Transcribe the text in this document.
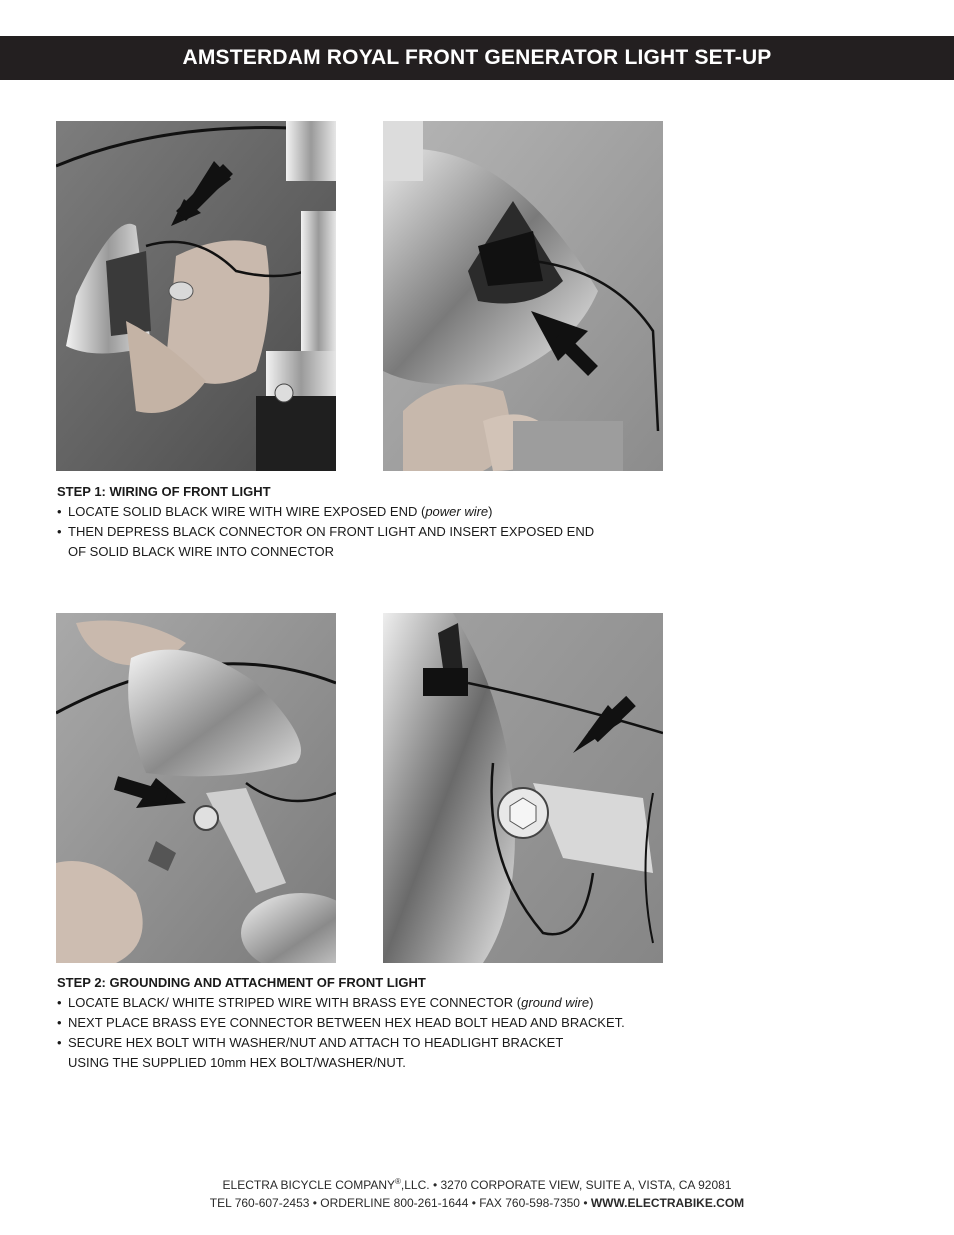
AMSTERDAM ROYAL FRONT GENERATOR LIGHT SET-UP
STEP 1: WIRING OF FRONT LIGHT
• LOCATE SOLID BLACK WIRE WITH WIRE EXPOSED END (power wire)
• THEN DEPRESS BLACK CONNECTOR ON FRONT LIGHT AND INSERT EXPOSED END
OF SOLID BLACK WIRE INTO CONNECTOR
STEP 2: GROUNDING AND ATTACHMENT OF FRONT LIGHT
• LOCATE BLACK/ WHITE STRIPED WIRE WITH BRASS EYE CONNECTOR (ground wire)
• NEXT PLACE BRASS EYE CONNECTOR BETWEEN HEX HEAD BOLT HEAD AND BRACKET.
• SECURE HEX BOLT WITH WASHER/NUT AND ATTACH TO HEADLIGHT BRACKET
USING THE SUPPLIED 10mm HEX BOLT/WASHER/NUT.
ELECTRA BICYCLE COMPANY®,LLC. • 3270 CORPORATE VIEW, SUITE A, VISTA, CA 92081
TEL 760-607-2453 • ORDERLINE 800-261-1644 • FAX 760-598-7350 • WWW.ELECTRABIKE.COM
